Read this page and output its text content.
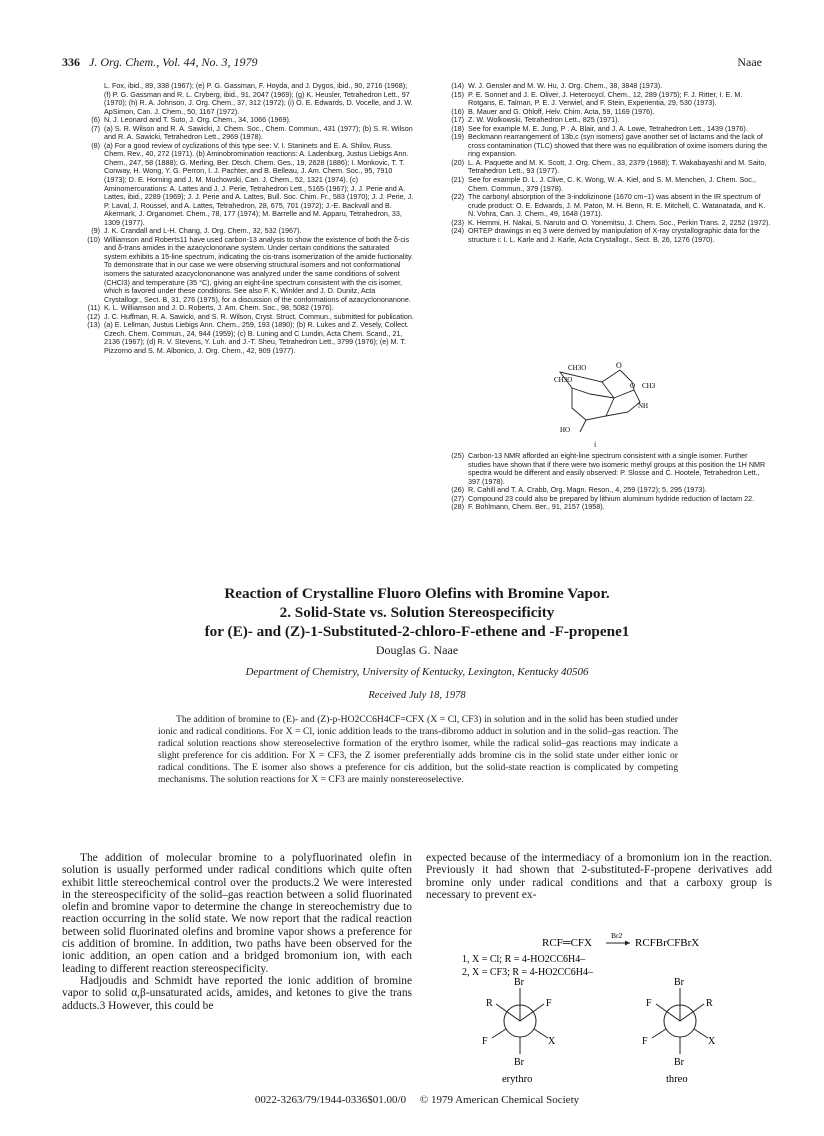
336 J. Org. Chem., Vol. 44, No. 3, 1979	Naae
L. Fox, ibid., 89, 338 (1967); (e) P. G. Gassman, F. Hoyda, and J. Dygos, ibid., 90, 2716 (1968); (f) P. G. Gassman and R. L. Cryberg, ibid., 91, 2047 (1969); (g) K. Heusler, Tetrahedron Lett., 97 (1970); (h) R. A. Johnson, J. Org. Chem., 37, 312 (1972); (i) O. E. Edwards, D. Vocelle, and J. W. ApSimon, Can. J. Chem., 50, 1167 (1972).
(6) N. J. Leonard and T. Suto, J. Org. Chem., 34, 1066 (1969).
(7) (a) S. R. Wilson and R. A. Sawicki, J. Chem. Soc., Chem. Commun., 431 (1977); (b) S. R. Wilson and R. A. Sawicki, Tetrahedron Lett., 2969 (1978).
(8) (a) For a good review of cyclizations of this type see: V. I. Staninets and E. A. Shilov, Russ. Chem. Rev., 40, 272 (1971). (b) Aminobromination reactions: A. Ladenburg, Justus Liebigs Ann. Chem., 247, 58 (1888); G. Merling, Ber. Dtsch. Chem. Ges., 19, 2628 (1886); I. Monkovic, T. T. Conway, H. Wong, Y. G. Perron, I. J. Pachter, and B. Belleau, J. Am. Chem. Soc., 95, 7910 (1973); D. E. Horning and J. M. Muchowski, Can. J. Chem., 52, 1321 (1974). (c) Aminomercurations: A. Lattes and J. J. Perie, Tetrahedron Lett., 5165 (1967); J. J. Perie and A. Lattes, ibid., 2289 (1969); J. J. Perie and A. Lattes, Bull. Soc. Chim. Fr., 583 (1970); J. J. Perie, J. P. Laval, J. Roussel, and A. Lattes, Tetrahedron, 28, 675, 701 (1972); J.-E. Backvall and B. Akermark, J. Organomet. Chem., 78, 177 (1974); M. Barrelle and M. Apparu, Tetrahedron, 33, 1309 (1977).
(9) J. K. Crandall and L-H. Chang, J. Org. Chem., 32, 532 (1967).
(10) Williamson and Roberts11 have used carbon-13 analysis to show the existence of both the δ-cis and δ-trans amides in the azacyclononane system. Under certain conditions the saturated system exhibits a 15-line spectrum, indicating the cis-trans isomerization of the amide fuctionality. To demonstrate that in our case we were observing structural isomers and not conformational isomers the saturated azacyclononanone was analyzed under the same conditions of solvent (CHCl3) and temperature (35 °C), giving an eight-line spectrum consistent with the cis isomer, which is favored under these conditions. See also F. K. Winkler and J. D. Dunitz, Acta Crystallogr., Sect. B, 31, 276 (1975), for a discussion of the conformations of azacyclononanone.
(11) K. L. Williamson and J. D. Roberts, J. Am. Chem. Soc., 98, 5082 (1976).
(12) J. C. Huffman, R. A. Sawicki, and S. R. Wilson, Cryst. Struct. Commun., submitted for publication.
(13) (a) E. Lellman, Justus Liebigs Ann. Chem., 259, 193 (1890); (b) R. Lukes and Z. Vesely, Collect. Czech. Chem. Commun., 24, 944 (1959); (c) B. Luning and C Lundin, Acta Chem. Scand., 21, 2136 (1967); (d) R. V. Stevens, Y. Luh. and J.-T. Sheu, Tetrahedron Lett., 3799 (1976); (e) M. T. Pizzorno and S. M. Albonico, J. Org. Chem., 42, 909 (1977).
(14) W. J. Gensler and M. W. Hu, J. Org. Chem., 38, 3848 (1973).
(15) P. E. Sonnet and J. E. Oliver, J. Heterocycl. Chem., 12, 289 (1975); F. J. Ritter, I. E. M. Rotgans, E. Talman, P. E. J. Verwiel, and F. Stein, Experientia, 29, 530 (1973).
(16) B. Mauer and G. Ohloff, Helv. Chim. Acta, 59, 1169 (1976).
(17) Z. W. Wolkowski, Tetrahedron Lett., 825 (1971).
(18) See for example M. E. Jung, P . A. Blair, and J. A. Lowe, Tetrahedron Lett., 1439 (1976).
(19) Beckmann rearrangement of 13b,c (syn isomers) gave another set of lactams and the lack of cross contamination (TLC) showed that there was no equilibration of oxime isomers during the ring expansion.
(20) L. A. Paquette and M. K. Scott, J. Org. Chem., 33, 2379 (1968); T. Wakabayashi and M. Saito, Tetrahedron Lett., 93 (1977).
(21) See for example D. L. J. Clive, C. K. Wong, W. A. Kiel, and S. M. Menchen, J. Chem. Soc., Chem. Commun., 379 (1978).
(22) The carbonyl absorption of the 3-indolizinone (1670 cm−1) was absent in the IR spectrum of crude product: O. E. Edwards, J. M. Paton, M. H. Benn, R. E. Mitchell, C. Watanatada, and K. N. Vohra, Can. J. Chem., 49, 1648 (1971).
(23) K. Hemmi, H. Nakai, S. Naruto and O. Yonemitsu, J. Chem. Soc., Perkin Trans. 2, 2252 (1972).
(24) ORTEP drawings in eq 3 were derived by manipulation of X-ray crystallographic data for the structure i: I. L. Karle and J. Karle, Acta Crystallogr., Sect. B, 26, 1276 (1970).
O
CH3O
CH3O
O CH3
NH
HO
i
(25) Carbon-13 NMR afforded an eight-line spectrum consistent with a single isomer. Further studies have shown that if there were two isomeric methyl groups at this position the 1H NMR spectra would be different and easily observed: P. Slosse and C. Hootele, Tetrahedron Lett., 397 (1978).
(26) R. Cahill and T. A. Crabb, Org. Magn. Reson., 4, 259 (1972); 5, 295 (1973).
(27) Compound 23 could also be prepared by lithium aluminum hydride reduction of lactam 22.
(28) F. Bohlmann, Chem. Ber., 91, 2157 (1958).
Reaction of Crystalline Fluoro Olefins with Bromine Vapor.
2. Solid-State vs. Solution Stereospecificity
for (E)- and (Z)-1-Substituted-2-chloro-F-ethene and -F-propene1
Douglas G. Naae
Department of Chemistry, University of Kentucky, Lexington, Kentucky 40506
Received July 18, 1978
The addition of bromine to (E)- and (Z)-p-HO2CC6H4CF=CFX (X = Cl, CF3) in solution and in the solid has been studied under ionic and radical conditions. For X = Cl, ionic addition leads to the trans-dibromo adduct in solution and in the solid–gas reaction. The radical solution reactions show stereoselective formation of the erythro isomer, while the radical solid–gas reactions may indicate a slight preference for cis addition. For X = CF3, the Z isomer preferentially adds bromine cis in the solid state under either ionic or radical conditions. The E isomer also shows a preference for cis addition, but the solid-state reaction is complicated by competing mechanisms. The solution reactions for X = CF3 are mainly nonstereoselective.

The addition of molecular bromine to a polyfluorinated olefin in solution is usually performed under radical conditions which quite often exhibit little stereochemical control over the products.2 We were interested in the stereospecificity of the solid–gas reaction between a solid fluorinated olefin and bromine vapor to determine the change in stereochemistry due to reaction occurring in the solid state. We now report that the radical reaction between solid fluorinated olefins and bromine vapor shows a preference for cis addition of bromine. In addition, two paths have been observed for the ionic addition, an open cation and a bridged bromonium ion, with each leading to different reaction stereospecificity.

Hadjoudis and Schmidt have reported the ionic addition of bromine vapor to solid α,β-unsaturated acids, amides, and ketones to give the trans adducts.3 However, this could be

expected because of the intermediacy of a bromonium ion in the reaction. Previously it had shown that 2-substituted-F-propene derivatives add bromine only under radical conditions and that a carboxy group is necessary to prevent ex-

RCF═CFX
Br2
RCFBrCFBrX
1, X = Cl; R = 4-HO2CC6H4–
2, X = CF3; R = 4-HO2CC6H4–
Br
R	F
F	X
Br
erythro
Br
F	R
F	X
Br
threo
0022-3263/79/1944-0336$01.00/0 © 1979 American Chemical Society
